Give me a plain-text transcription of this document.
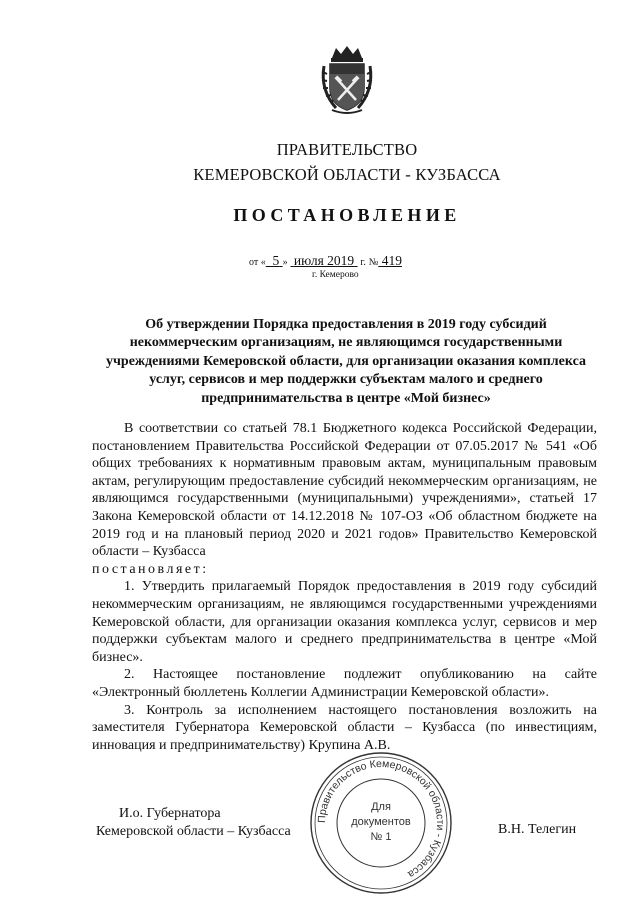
ПРАВИТЕЛЬСТВО
КЕМЕРОВСКОЙ ОБЛАСТИ - КУЗБАССА
ПОСТАНОВЛЕНИЕ
от « 5 » июля 2019 г. № 419
г. Кемерово
Об утверждении Порядка предоставления в 2019 году субсидий некоммерческим организациям, не являющимся государственными учреждениями Кемеровской области, для организации оказания комплекса услуг, сервисов и мер поддержки субъектам малого и среднего предпринимательства в центре «Мой бизнес»

В соответствии со статьей 78.1 Бюджетного кодекса Российской Федерации, постановлением Правительства Российской Федерации от 07.05.2017 № 541 «Об общих требованиях к нормативным правовым актам, муниципальным правовым актам, регулирующим предоставление субсидий некоммерческим организациям, не являющимся государственными (муниципальными) учреждениями», статьей 17 Закона Кемеровской области от 14.12.2018 № 107-ОЗ «Об областном бюджете на 2019 год и на плановый период 2020 и 2021 годов» Правительство Кемеровской области – Кузбасса

постановляет:

1. Утвердить прилагаемый Порядок предоставления в 2019 году субсидий некоммерческим организациям, не являющимся государственными учреждениями Кемеровской области, для организации оказания комплекса услуг, сервисов и мер поддержки субъектам малого и среднего предпринимательства в центре «Мой бизнес».

2. Настоящее постановление подлежит опубликованию на сайте «Электронный бюллетень Коллегии Администрации Кемеровской области».

3. Контроль за исполнением настоящего постановления возложить на заместителя Губернатора Кемеровской области – Кузбасса (по инвестициям, инновация и предпринимательству) Крупина А.В.

И.о. Губернатора
Кемеровской области – Кузбасса	В.Н. Телегин
Правительство Кемеровской области - Кузбасса
Для
документов
№ 1
